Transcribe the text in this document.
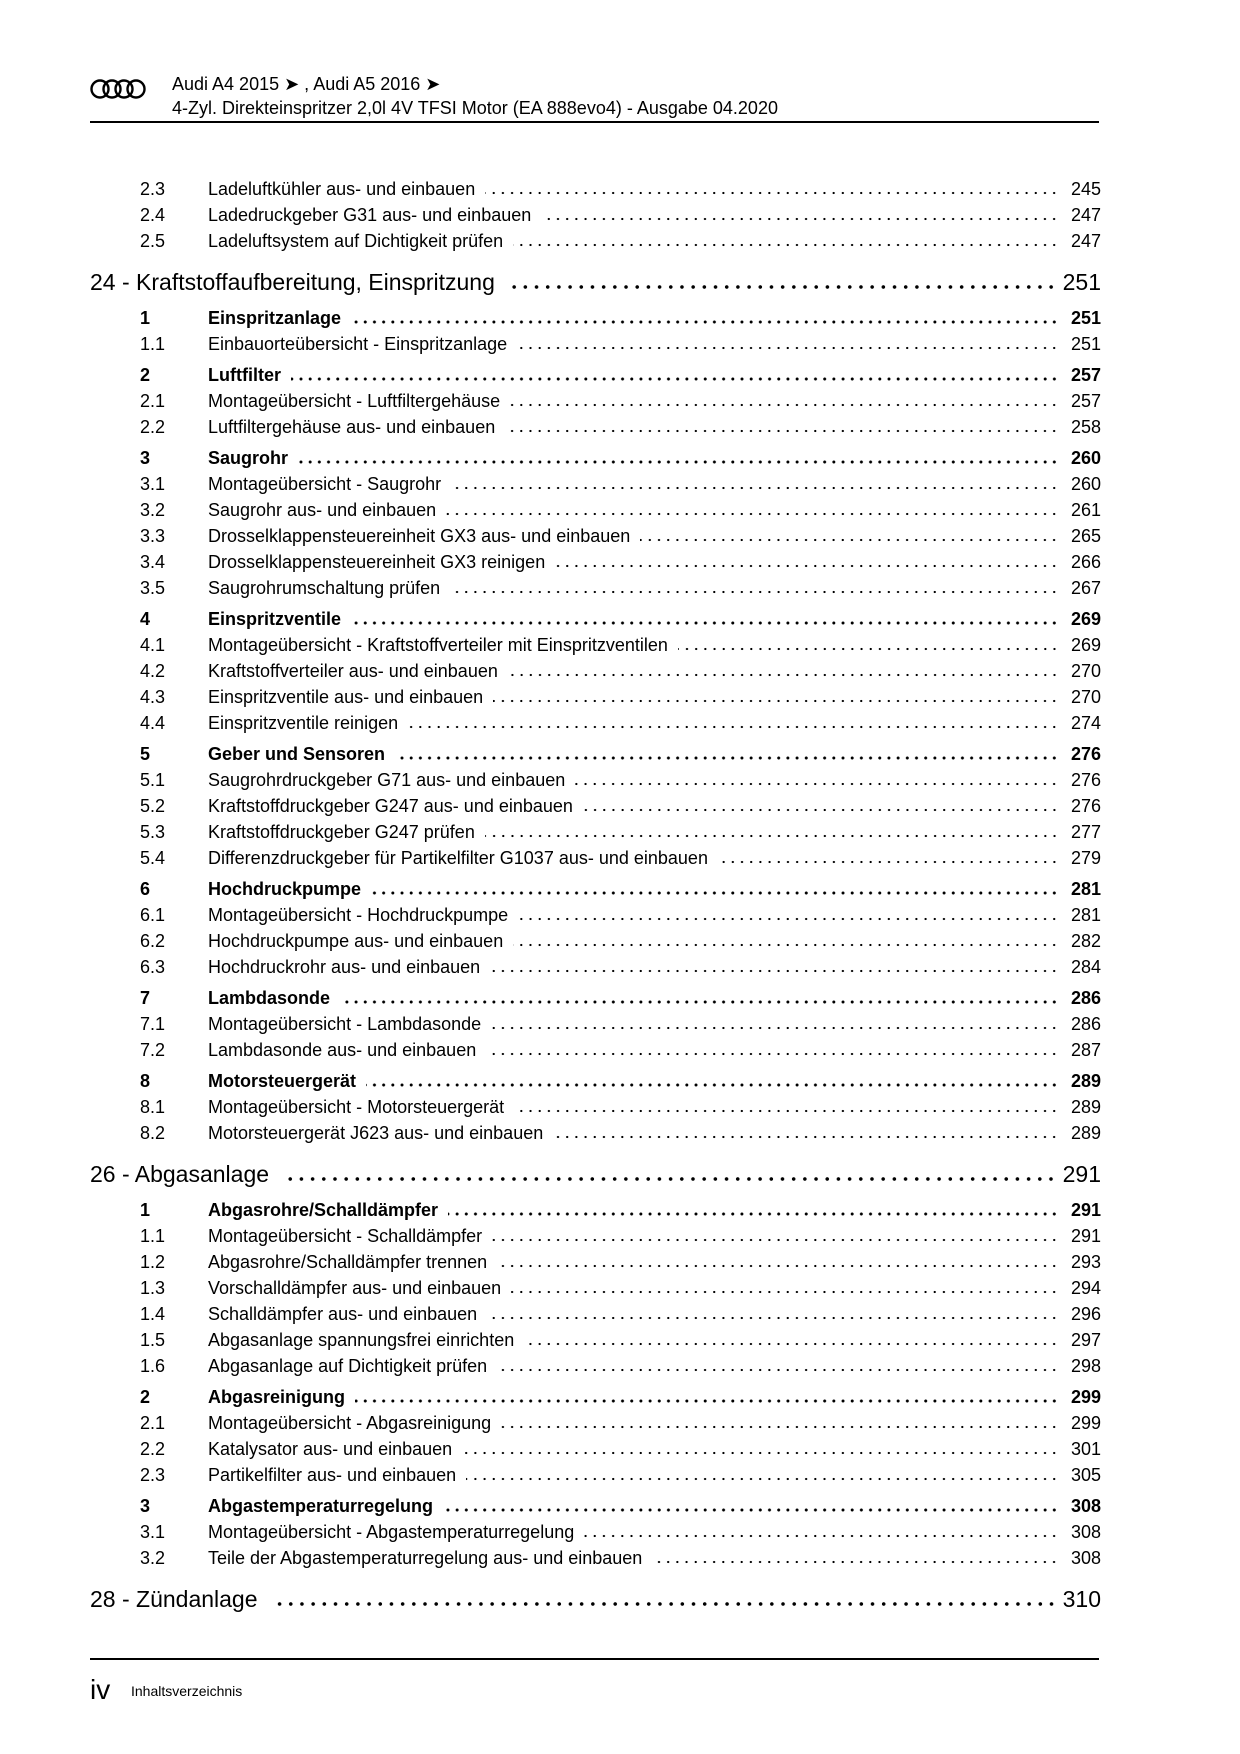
Audi A4 2015 ➤ , Audi A5 2016 ➤
4-Zyl. Direkteinspritzer 2,0l 4V TFSI Motor (EA 888evo4) - Ausgabe 04.2020
2.3	Ladeluftkühler aus- und einbauen	245
2.4	Ladedruckgeber G31 aus- und einbauen	247
2.5	Ladeluftsystem auf Dichtigkeit prüfen	247
24 - Kraftstoffaufbereitung, Einspritzung	251
1	Einspritzanlage	251
1.1	Einbauorteübersicht - Einspritzanlage	251
2	Luftfilter	257
2.1	Montageübersicht - Luftfiltergehäuse	257
2.2	Luftfiltergehäuse aus- und einbauen	258
3	Saugrohr	260
3.1	Montageübersicht - Saugrohr	260
3.2	Saugrohr aus- und einbauen	261
3.3	Drosselklappensteuereinheit GX3 aus- und einbauen	265
3.4	Drosselklappensteuereinheit GX3 reinigen	266
3.5	Saugrohrumschaltung prüfen	267
4	Einspritzventile	269
4.1	Montageübersicht - Kraftstoffverteiler mit Einspritzventilen	269
4.2	Kraftstoffverteiler aus- und einbauen	270
4.3	Einspritzventile aus- und einbauen	270
4.4	Einspritzventile reinigen	274
5	Geber und Sensoren	276
5.1	Saugrohrdruckgeber G71 aus- und einbauen	276
5.2	Kraftstoffdruckgeber G247 aus- und einbauen	276
5.3	Kraftstoffdruckgeber G247 prüfen	277
5.4	Differenzdruckgeber für Partikelfilter G1037 aus- und einbauen	279
6	Hochdruckpumpe	281
6.1	Montageübersicht - Hochdruckpumpe	281
6.2	Hochdruckpumpe aus- und einbauen	282
6.3	Hochdruckrohr aus- und einbauen	284
7	Lambdasonde	286
7.1	Montageübersicht - Lambdasonde	286
7.2	Lambdasonde aus- und einbauen	287
8	Motorsteuergerät	289
8.1	Montageübersicht - Motorsteuergerät	289
8.2	Motorsteuergerät J623 aus- und einbauen	289
26 - Abgasanlage	291
1	Abgasrohre/Schalldämpfer	291
1.1	Montageübersicht - Schalldämpfer	291
1.2	Abgasrohre/Schalldämpfer trennen	293
1.3	Vorschalldämpfer aus- und einbauen	294
1.4	Schalldämpfer aus- und einbauen	296
1.5	Abgasanlage spannungsfrei einrichten	297
1.6	Abgasanlage auf Dichtigkeit prüfen	298
2	Abgasreinigung	299
2.1	Montageübersicht - Abgasreinigung	299
2.2	Katalysator aus- und einbauen	301
2.3	Partikelfilter aus- und einbauen	305
3	Abgastemperaturregelung	308
3.1	Montageübersicht - Abgastemperaturregelung	308
3.2	Teile der Abgastemperaturregelung aus- und einbauen	308
28 - Zündanlage	310
iv Inhaltsverzeichnis
